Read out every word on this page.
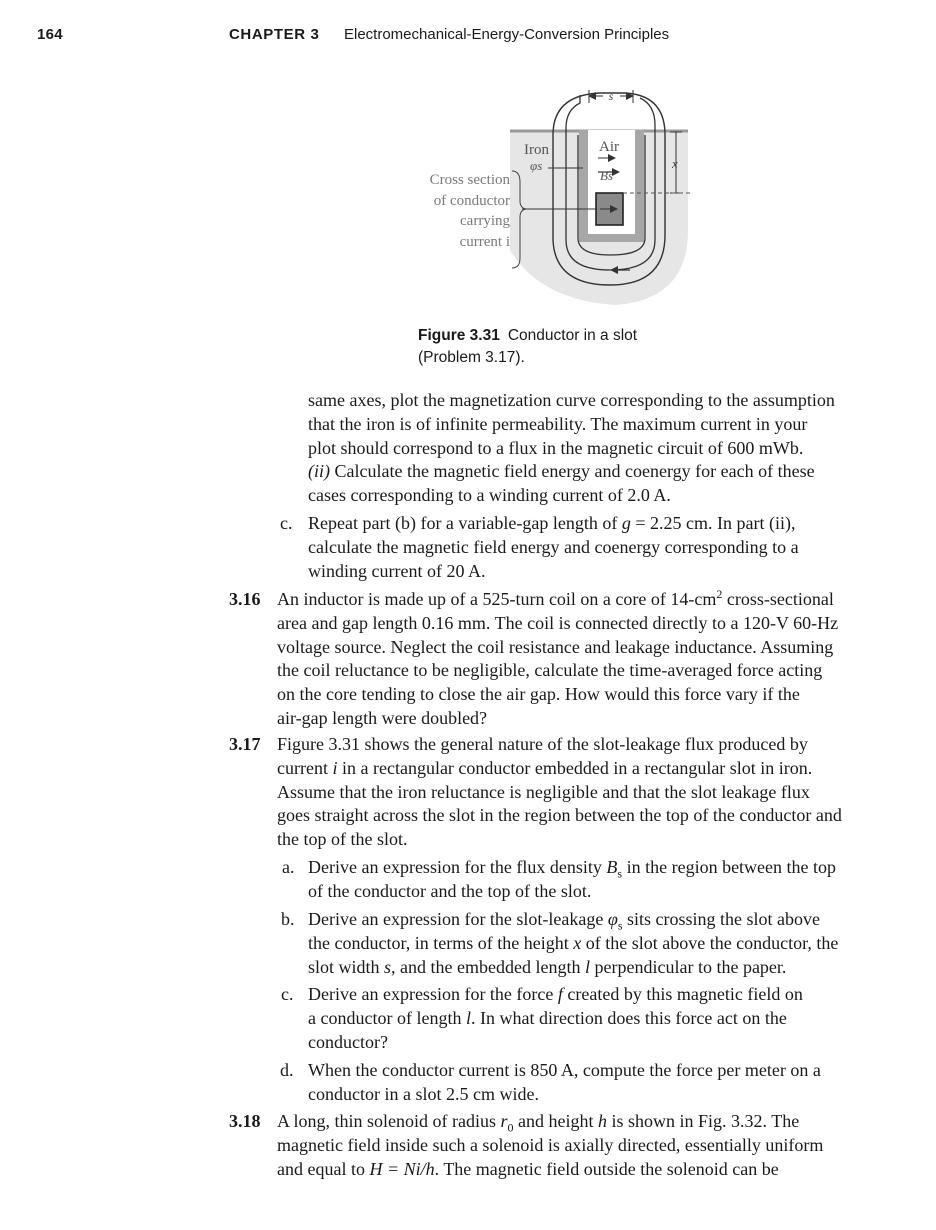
164	CHAPTER 3 Electromechanical-Energy-Conversion Principles
s
x
Iron	Air
φs
Bs
Cross section
of conductor
carrying
current i
Figure 3.31 Conductor in a slot
(Problem 3.17).
same axes, plot the magnetization curve corresponding to the assumption
that the iron is of infinite permeability. The maximum current in your
plot should correspond to a flux in the magnetic circuit of 600 mWb.
(ii) Calculate the magnetic field energy and coenergy for each of these
cases corresponding to a winding current of 2.0 A.
c. Repeat part (b) for a variable-gap length of g = 2.25 cm. In part (ii),
calculate the magnetic field energy and coenergy corresponding to a
winding current of 20 A.
3.16 An inductor is made up of a 525-turn coil on a core of $14-cm^2$ cross-sectional
area and gap length 0.16 mm. The coil is connected directly to a 120-V 60-Hz
voltage source. Neglect the coil resistance and leakage inductance. Assuming
the coil reluctance to be negligible, calculate the time-averaged force acting
on the core tending to close the air gap. How would this force vary if the
air-gap length were doubled?
3.17 Figure 3.31 shows the general nature of the slot-leakage flux produced by
current i in a rectangular conductor embedded in a rectangular slot in iron.
Assume that the iron reluctance is negligible and that the slot leakage flux
goes straight across the slot in the region between the top of the conductor and
the top of the slot.
a. Derive an expression for the flux density $B_s$ in the region between the top
of the conductor and the top of the slot.
b. Derive an expression for the slot-leakage $\varphi_s$ sits crossing the slot above
the conductor, in terms of the height x of the slot above the conductor, the
slot width s, and the embedded length l perpendicular to the paper.
c. Derive an expression for the force f created by this magnetic field on
a conductor of length l. In what direction does this force act on the
conductor?
d. When the conductor current is 850 A, compute the force per meter on a
conductor in a slot 2.5 cm wide.
3.18 A long, thin solenoid of radius $r_0$ and height h is shown in Fig. 3.32. The
magnetic field inside such a solenoid is axially directed, essentially uniform
and equal to H = Ni/h. The magnetic field outside the solenoid can be
